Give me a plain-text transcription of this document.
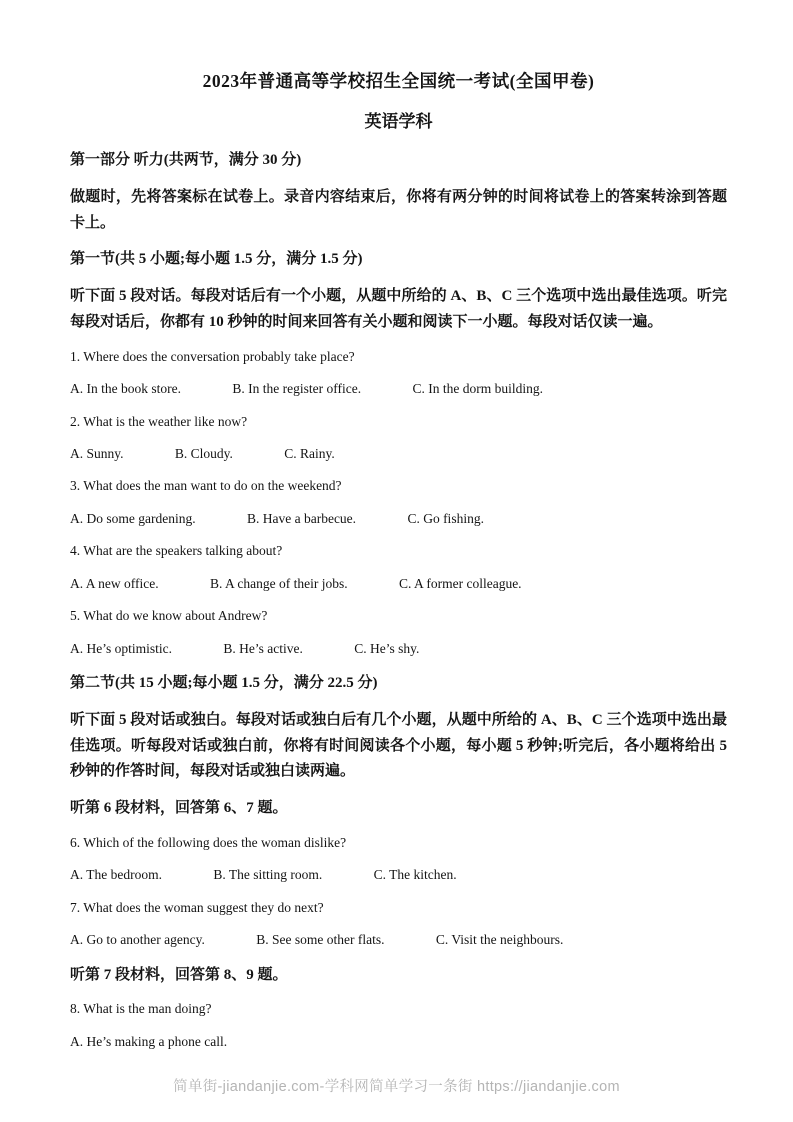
2023年普通高等学校招生全国统一考试(全国甲卷)
英语学科

第一部分 听力(共两节，满分 30 分)

做题时，先将答案标在试卷上。录音内容结束后，你将有两分钟的时间将试卷上的答案转涂到答题卡上。

第一节(共 5 小题;每小题 1.5 分，满分 1.5 分)

听下面 5 段对话。每段对话后有一个小题，从题中所给的 A、B、C 三个选项中选出最佳选项。听完每段对话后，你都有 10 秒钟的时间来回答有关小题和阅读下一小题。每段对话仅读一遍。

1. Where does the conversation probably take place?

A. In the book store.	B. In the register office.	C. In the dorm building.

2. What is the weather like now?

A. Sunny.	B. Cloudy.	C. Rainy.

3. What does the man want to do on the weekend?

A. Do some gardening.	B. Have a barbecue.	C. Go fishing.

4. What are the speakers talking about?

A. A new office.	B. A change of their jobs.	C. A former colleague.

5. What do we know about Andrew?

A. He’s optimistic.	B. He’s active.	C. He’s shy.

第二节(共 15 小题;每小题 1.5 分，满分 22.5 分)

听下面 5 段对话或独白。每段对话或独白后有几个小题，从题中所给的 A、B、C 三个选项中选出最佳选项。听每段对话或独白前，你将有时间阅读各个小题，每小题 5 秒钟;听完后，各小题将给出 5 秒钟的作答时间，每段对话或独白读两遍。

听第 6 段材料，回答第 6、7 题。

6. Which of the following does the woman dislike?

A. The bedroom.	B. The sitting room.	C. The kitchen.

7. What does the woman suggest they do next?

A. Go to another agency.	B. See some other flats.	C. Visit the neighbours.

听第 7 段材料，回答第 8、9 题。

8. What is the man doing?

A. He’s making a phone call.

简单街-jiandanjie.com-学科网简单学习一条街 https://jiandanjie.com
